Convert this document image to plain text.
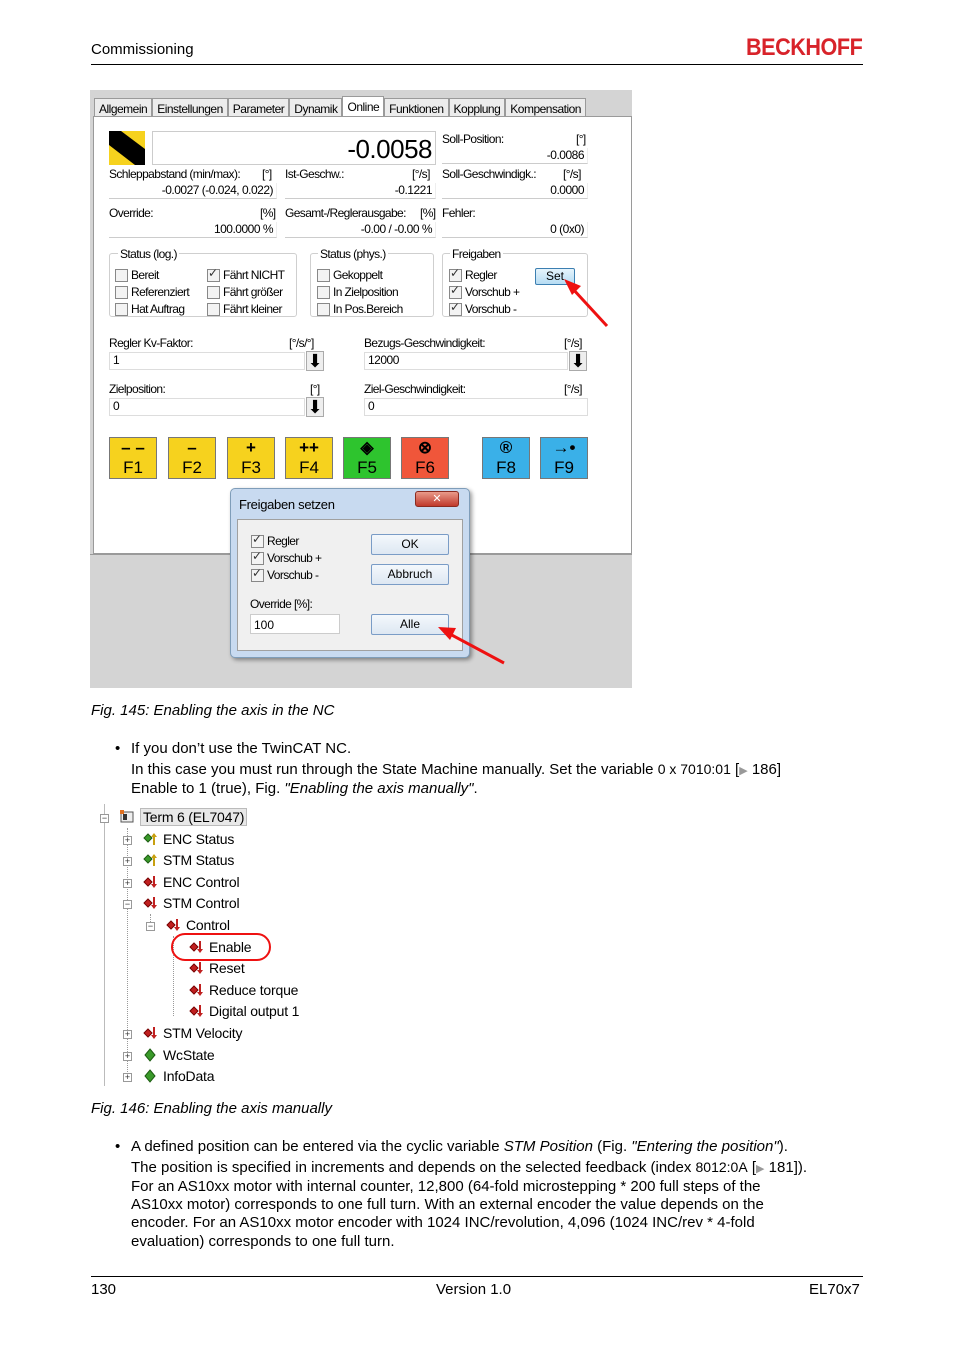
Commissioning	BECKHOFF
Allgemein Einstellungen Parameter Dynamik Online Funktionen Kopplung Kompensation
-0.0058 Soll-Position:	[°]
-0.0086
Schleppabstand (min/max): [°]
-0.0027 (-0.024, 0.022)
Ist-Geschw.:	[°/s]
-0.1221
Soll-Geschwindigk.: [°/s]
0.0000
Override:	[%]
100.0000 %
Gesamt-/Reglerausgabe: [%]
-0.00 / -0.00 %
Fehler:
0 (0x0)
Status (log.)
Bereit	Fährt NICHT ✓
Referenziert	Fährt größer
Hat Auftrag	Fährt kleiner
Status (phys.)
Gekoppelt
In Zielposition
In Pos.Bereich
Freigaben
Regler ✓
Vorschub + ✓
Vorschub - ✓
Set
Regler Kv-Faktor:	[°/s/°]
1	⬇
Bezugs-Geschwindigkeit:	[°/s]
12000	⬇
Zielposition:	[°]
0	⬇
Ziel-Geschwindigkeit:	[°/s]
0
– –
F1
–
F2
+
F3
++
F4
◈
F5
⊗
F6
®
F8
→•
F9
Freigaben setzen	✕
Regler ✓
Vorschub + ✓
Vorschub - ✓
OK
Abbruch
Override [%]:
100	Alle
Fig. 145: Enabling the axis in the NC
• If you don’t use the TwinCAT NC.
In this case you must run through the State Machine manually. Set the variable 0 x 7010:01 [▶ 186]
Enable to 1 (true), Fig. "Enabling the axis manually".
−	Term 6 (EL7047)
+	ENC Status
+	STM Status
+	ENC Control
−	STM Control
−	Control
Enable
Reset
Reduce torque
Digital output 1
+	STM Velocity
+	WcState
+	InfoData
Fig. 146: Enabling the axis manually
• A defined position can be entered via the cyclic variable STM Position (Fig. "Entering the position").
The position is specified in increments and depends on the selected feedback (index 8012:0A [▶ 181]).
For an AS10xx motor with internal counter, 12,800 (64-fold microstepping * 200 full steps of the
AS10xx motor) corresponds to one full turn. With an external encoder the value depends on the
encoder. For an AS10xx motor encoder with 1024 INC/revolution, 4,096 (1024 INC/rev * 4-fold
evaluation) corresponds to one full turn.
130	Version 1.0	EL70x7
